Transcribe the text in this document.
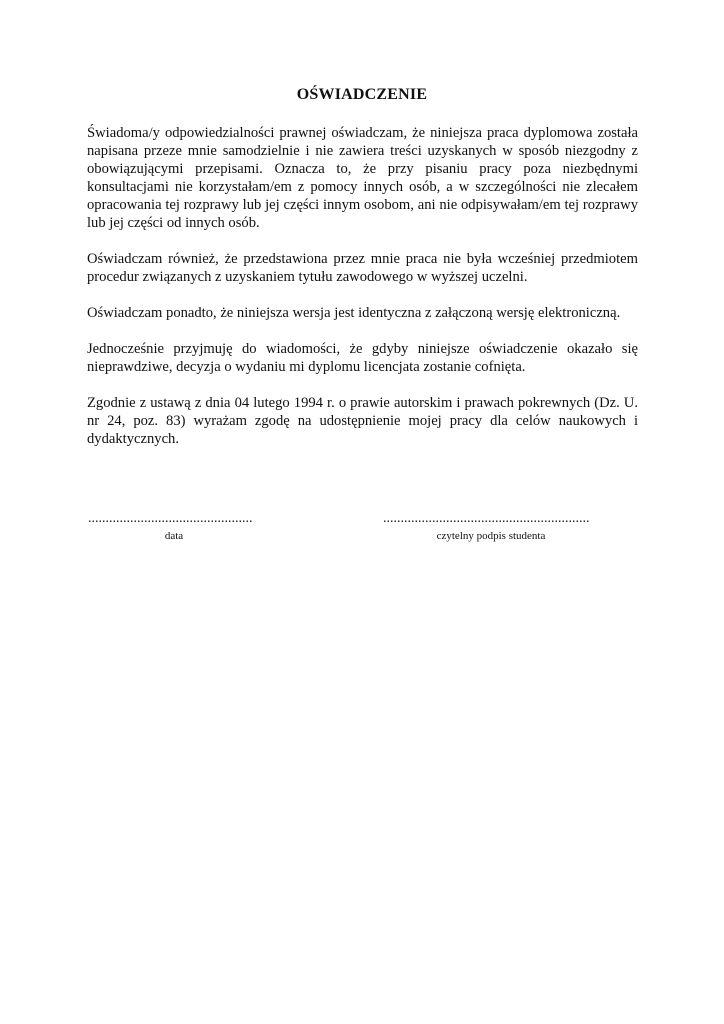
OŚWIADCZENIE

Świadoma/y odpowiedzialności prawnej oświadczam, że niniejsza praca dyplomowa została napisana przeze mnie samodzielnie i nie zawiera treści uzyskanych w sposób niezgodny z obowiązującymi przepisami. Oznacza to, że przy pisaniu pracy poza niezbędnymi konsultacjami nie korzystałam/em z pomocy innych osób, a w szczególności nie zlecałem opracowania tej rozprawy lub jej części innym osobom, ani nie odpisywałam/em tej rozprawy lub jej części od innych osób.

Oświadczam również, że przedstawiona przez mnie praca nie była wcześniej przedmiotem procedur związanych z uzyskaniem tytułu zawodowego w wyższej uczelni.

Oświadczam ponadto, że niniejsza wersja jest identyczna z załączoną wersję elektroniczną.

Jednocześnie przyjmuję do wiadomości, że gdyby niniejsze oświadczenie okazało się nieprawdziwe, decyzja o wydaniu mi dyplomu licencjata zostanie cofnięta.

Zgodnie z ustawą z dnia 04 lutego 1994 r. o prawie autorskim i prawach pokrewnych (Dz. U. nr 24, poz. 83) wyrażam zgodę na udostępnienie mojej pracy dla celów naukowych i dydaktycznych.

...............................................
data
...........................................................
czytelny podpis studenta
